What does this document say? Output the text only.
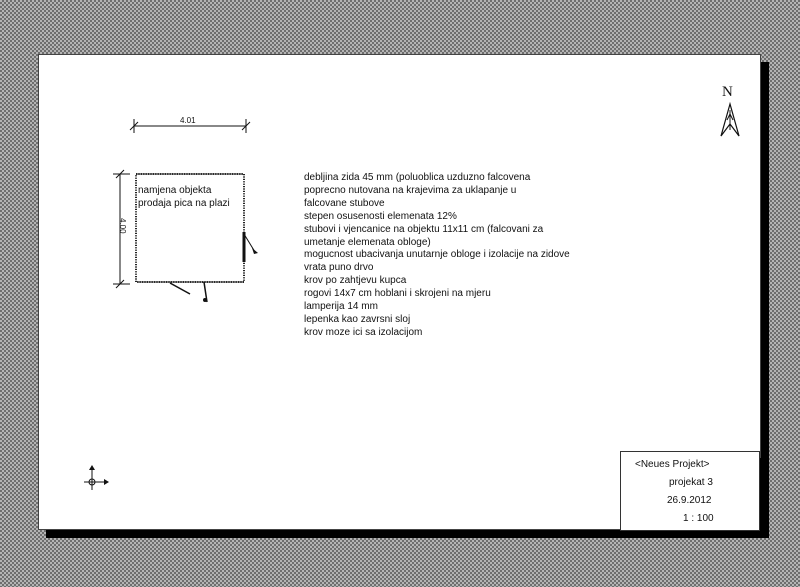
N
4.01
4.00
namjena objekta
prodaja pica na plazi
debljina zida 45 mm (poluoblica uzduzno falcovena
poprecno nutovana na krajevima za uklapanje u
falcovane stubove
stepen osusenosti elemenata 12%
stubovi i vjencanice na objektu 11x11 cm (falcovani za
umetanje elemenata obloge)
mogucnost ubacivanja unutarnje obloge i izolacije na zidove
vrata puno drvo
krov po zahtjevu kupca
rogovi 14x7 cm hoblani i skrojeni na mjeru
lamperija 14 mm
lepenka kao zavrsni sloj
krov moze ici sa izolacijom
<Neues Projekt>
projekat 3
26.9.2012
1 : 100
